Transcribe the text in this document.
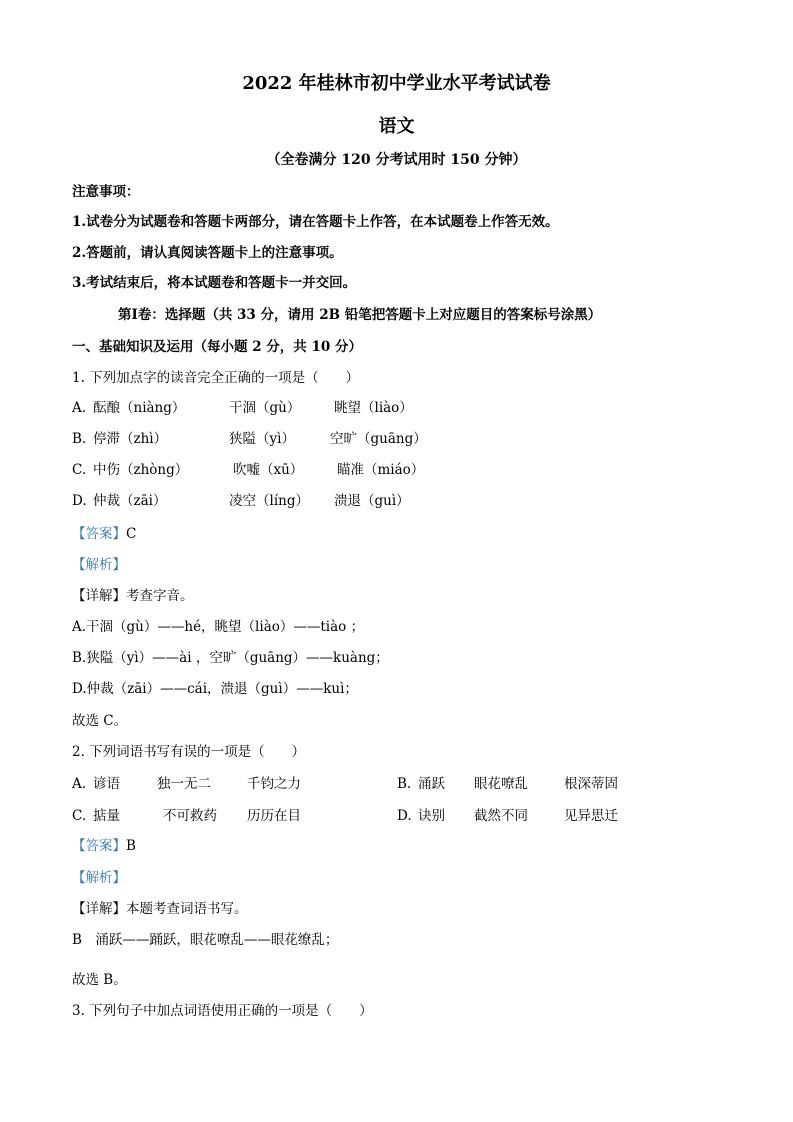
2022 年桂林市初中学业水平考试试卷
语文
（全卷满分 120 分考试用时 150 分钟）
注意事项：
1.试卷分为试题卷和答题卡两部分，请在答题卡上作答，在本试题卷上作答无效。
2.答题前，请认真阅读答题卡上的注意事项。
3.考试结束后，将本试题卷和答题卡一并交回。
第Ⅰ卷：选择题（共 33 分，请用 2B 铅笔把答题卡上对应题目的答案标号涂黑）
一、基础知识及运用（每小题 2 分，共 10 分）
1. 下列加点字的读音完全正确的一项是（　　）
A. 酝酿（niàng）	干涸（gù） 眺望（liào）
B. 停滞（zhì）	狭隘（yì）	空旷（guāng）
C. 中伤（zhòng）	吹嘘（xū） 瞄准（miáo）
D. 仲裁（zāi）	凌空（líng） 溃退（guì）
【答案】C
【解析】
【详解】考查字音。
A.干涸（gù）——hé，眺望（liào）——tiào ；
B.狭隘（yì）——ài ，空旷（guāng）——kuàng；
D.仲裁（zāi）——cái，溃退（guì）——kuì；
故选 C。
2. 下列词语书写有误的一项是（　　）
A. 谚语	独一无二	千钧之力	B. 涌跃 眼花嘹乱	根深蒂固
C. 掂量	不可救药 历历在目	D. 诀别 截然不同	见异思迁
【答案】B
【解析】
【详解】本题考查词语书写。
B　涌跃——踊跃，眼花嘹乱——眼花缭乱；
故选 B。
3. 下列句子中加点词语使用正确的一项是（　　）
